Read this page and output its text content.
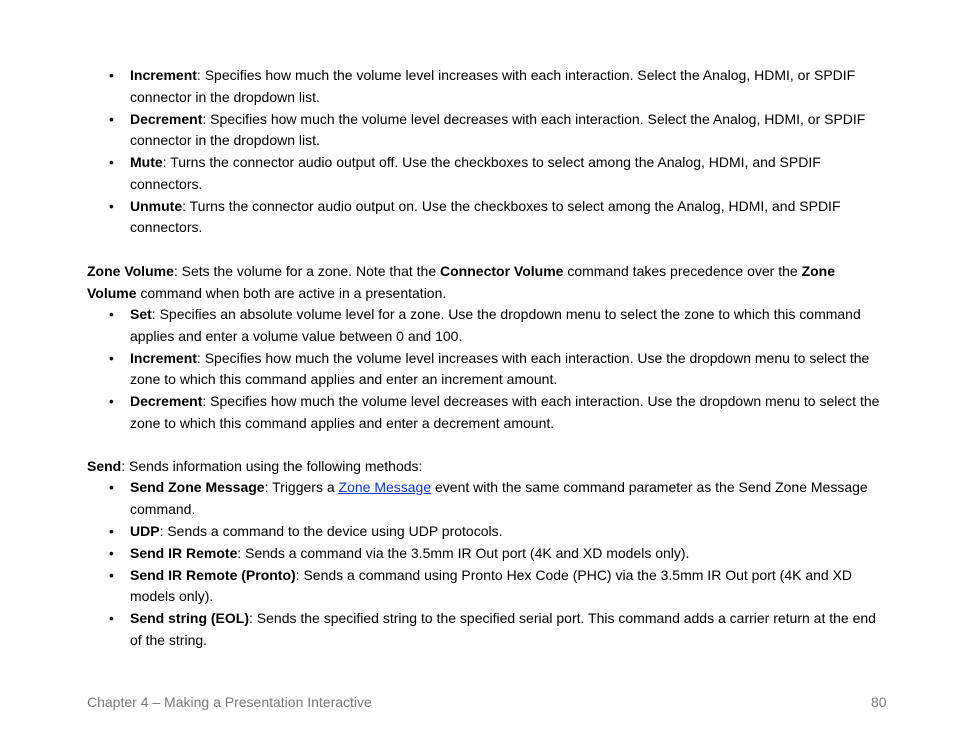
• Increment: Specifies how much the volume level increases with each interaction. Select the Analog, HDMI, or SPDIF connector in the dropdown list.
• Decrement: Specifies how much the volume level decreases with each interaction. Select the Analog, HDMI, or SPDIF connector in the dropdown list.
• Mute: Turns the connector audio output off. Use the checkboxes to select among the Analog, HDMI, and SPDIF connectors.
• Unmute: Turns the connector audio output on. Use the checkboxes to select among the Analog, HDMI, and SPDIF connectors.
Zone Volume: Sets the volume for a zone. Note that the Connector Volume command takes precedence over the Zone Volume command when both are active in a presentation.
• Set: Specifies an absolute volume level for a zone. Use the dropdown menu to select the zone to which this command applies and enter a volume value between 0 and 100.
• Increment: Specifies how much the volume level increases with each interaction. Use the dropdown menu to select the zone to which this command applies and enter an increment amount.
• Decrement: Specifies how much the volume level decreases with each interaction. Use the dropdown menu to select the zone to which this command applies and enter a decrement amount.
Send: Sends information using the following methods:
• Send Zone Message: Triggers a Zone Message event with the same command parameter as the Send Zone Message command.
• UDP: Sends a command to the device using UDP protocols.
• Send IR Remote: Sends a command via the 3.5mm IR Out port (4K and XD models only).
• Send IR Remote (Pronto): Sends a command using Pronto Hex Code (PHC) via the 3.5mm IR Out port (4K and XD models only).
• Send string (EOL): Sends the specified string to the specified serial port. This command adds a carrier return at the end of the string.
Chapter 4 – Making a Presentation Interactive	80
